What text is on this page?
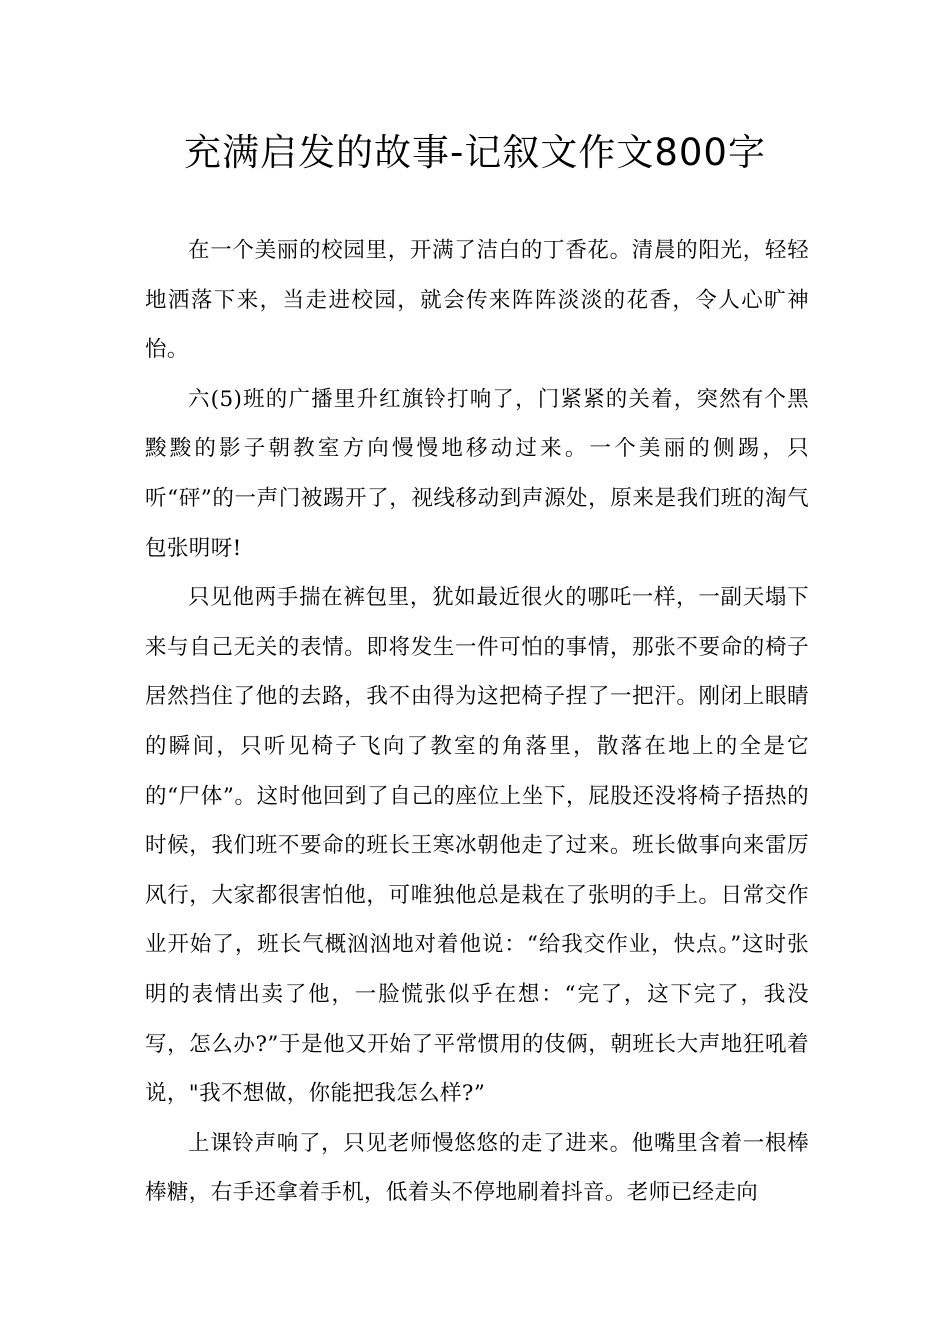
充满启发的故事-记叙文作文800字

在一个美丽的校园里，开满了洁白的丁香花。清晨的阳光，轻轻地洒落下来，当走进校园，就会传来阵阵淡淡的花香，令人心旷神怡。

六(5)班的广播里升红旗铃打响了，门紧紧的关着，突然有个黑黢黢的影子朝教室方向慢慢地移动过来。一个美丽的侧踢，只听“砰”的一声门被踢开了，视线移动到声源处，原来是我们班的淘气包张明呀!

只见他两手揣在裤包里，犹如最近很火的哪吒一样，一副天塌下来与自己无关的表情。即将发生一件可怕的事情，那张不要命的椅子居然挡住了他的去路，我不由得为这把椅子捏了一把汗。刚闭上眼睛的瞬间，只听见椅子飞向了教室的角落里，散落在地上的全是它的“尸体”。这时他回到了自己的座位上坐下，屁股还没将椅子捂热的时候，我们班不要命的班长王寒冰朝他走了过来。班长做事向来雷厉风行，大家都很害怕他，可唯独他总是栽在了张明的手上。日常交作业开始了，班长气概汹汹地对着他说：“给我交作业，快点。”这时张明的表情出卖了他，一脸慌张似乎在想：“完了，这下完了，我没写，怎么办?”于是他又开始了平常惯用的伎俩，朝班长大声地狂吼着说，"我不想做，你能把我怎么样?”

上课铃声响了，只见老师慢悠悠的走了进来。他嘴里含着一根棒棒糖，右手还拿着手机，低着头不停地刷着抖音。老师已经走向
